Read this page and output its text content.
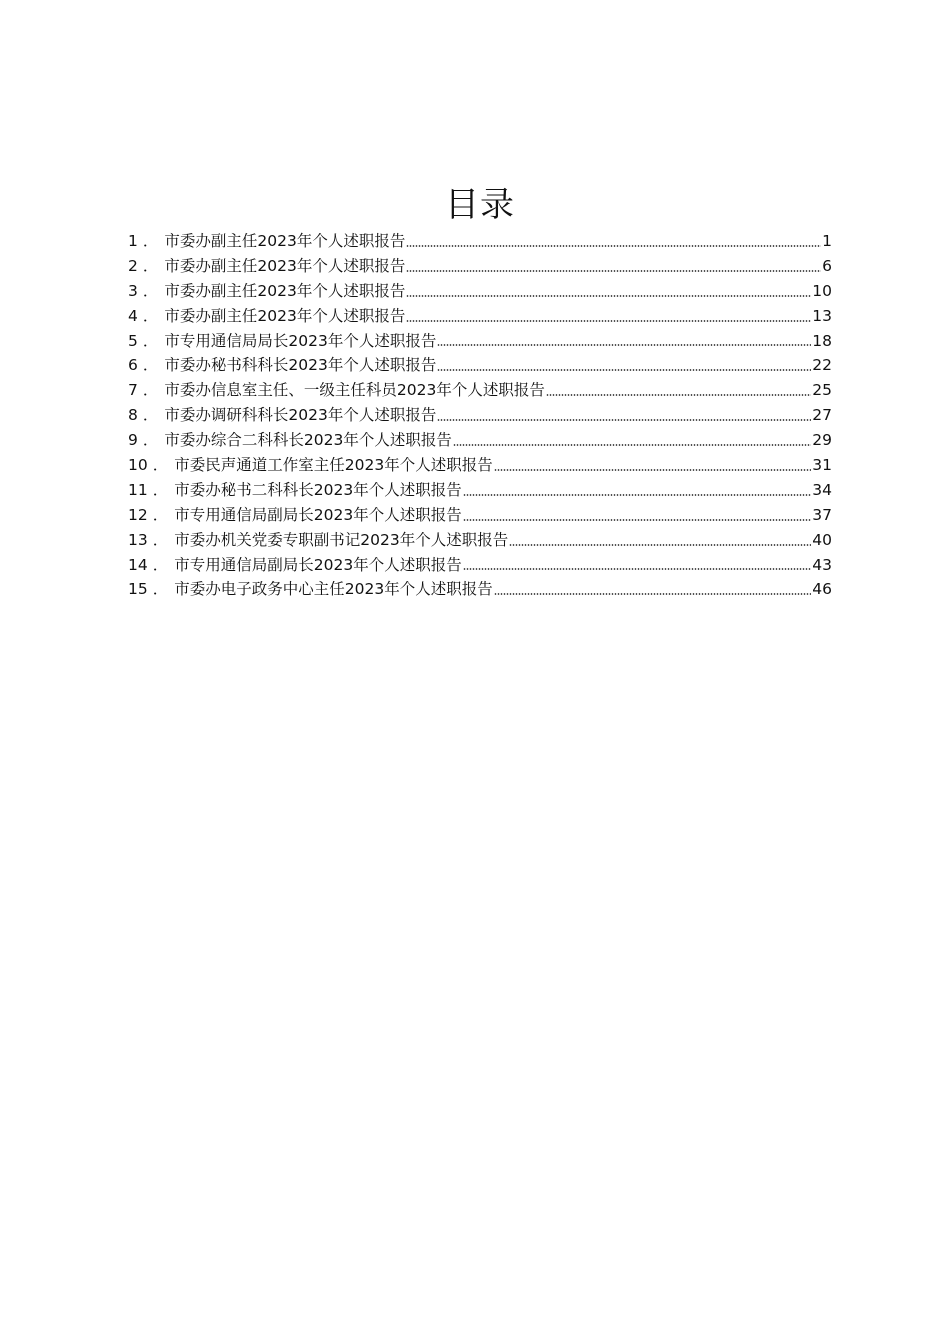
目录
1 ． 市委办副主任2023年个人述职报告	1
2 ． 市委办副主任2023年个人述职报告	6
3 ． 市委办副主任2023年个人述职报告	10
4 ． 市委办副主任2023年个人述职报告	13
5 ． 市专用通信局局长2023年个人述职报告	18
6 ． 市委办秘书科科长2023年个人述职报告	22
7 ． 市委办信息室主任、一级主任科员2023年个人述职报告	25
8 ． 市委办调研科科长2023年个人述职报告	27
9 ． 市委办综合二科科长2023年个人述职报告	29
10 ． 市委民声通道工作室主任2023年个人述职报告	31
11 ． 市委办秘书二科科长2023年个人述职报告	34
12 ． 市专用通信局副局长2023年个人述职报告	37
13 ． 市委办机关党委专职副书记2023年个人述职报告	40
14 ． 市专用通信局副局长2023年个人述职报告	43
15 ． 市委办电子政务中心主任2023年个人述职报告	46
